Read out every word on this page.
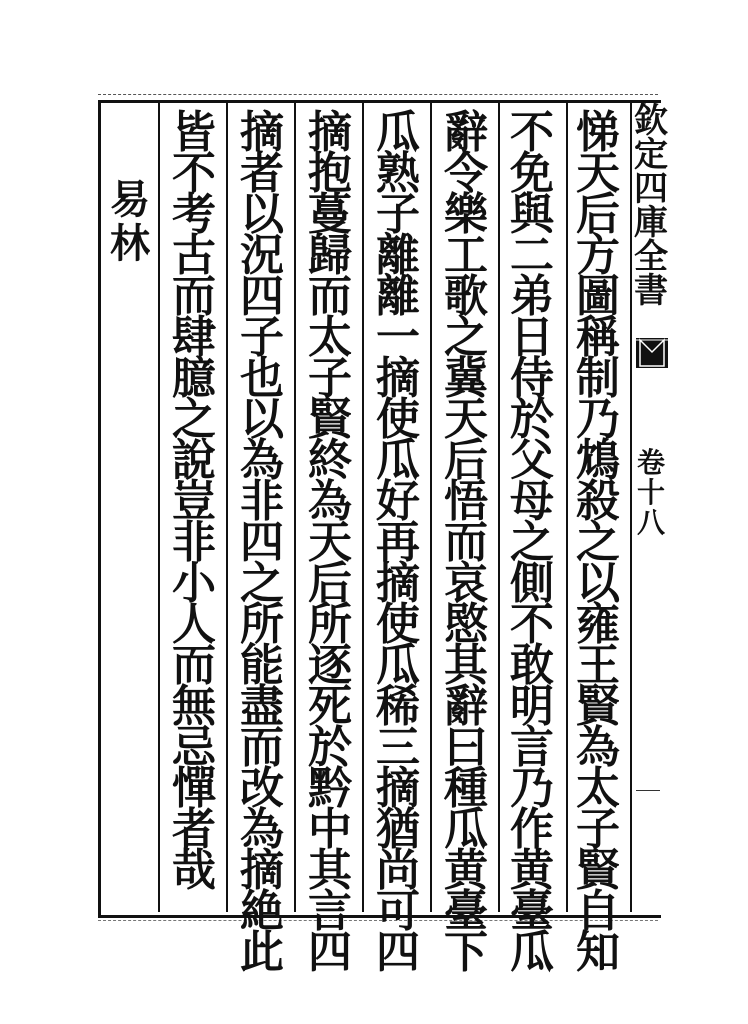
易
林
悌
天
后
方
圖
稱
制
乃
鴆
殺
之
以
雍
王
賢
為
太
子
賢
自
知
不
免
與
二
弟
日
侍
於
父
母
之
側
不
敢
明
言
乃
作
黄
臺
瓜
辭
令
樂
工
歌
之
冀
天
后
悟
而
哀
愍
其
辭
曰
種
瓜
黄
臺
下
瓜
熟
子
離
離
一
摘
使
瓜
好
再
摘
使
瓜
稀
三
摘
猶
尚
可
四
摘
抱
蔓
歸
而
太
子
賢
終
為
天
后
所
逐
死
於
黔
中
其
言
四
摘
者
以
況
四
子
也
以
為
非
四
之
所
能
盡
而
改
為
摘
絶
此
皆
不
考
古
而
肆
臆
之
說
豈
非
小
人
而
無
忌
憚
者
哉
欽
定
四
庫
全
書
卷
十
八
